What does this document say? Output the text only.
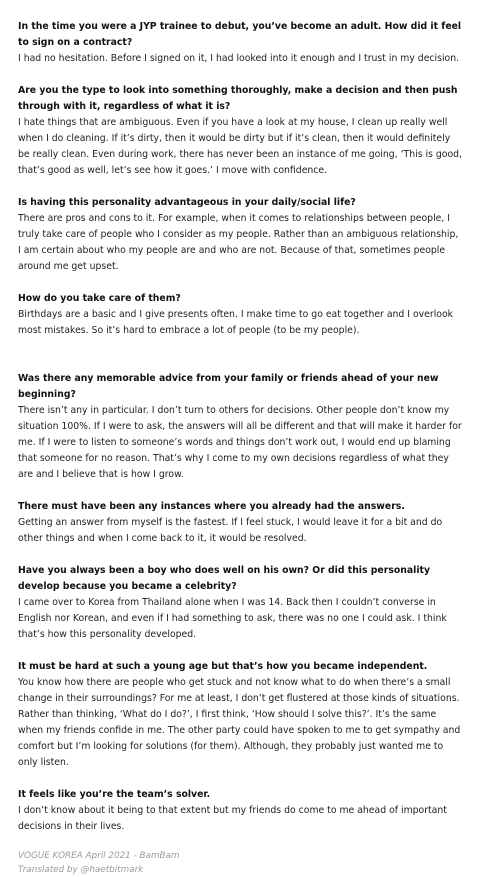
In the time you were a JYP trainee to debut, you’ve become an adult. How did it feel to sign on a contract?

I had no hesitation. Before I signed on it, I had looked into it enough and I trust in my decision.

Are you the type to look into something thoroughly, make a decision and then push through with it, regardless of what it is?

I hate things that are ambiguous. Even if you have a look at my house, I clean up really well when I do cleaning. If it’s dirty, then it would be dirty but if it’s clean, then it would definitely be really clean. Even during work, there has never been an instance of me going, ‘This is good, that’s good as well, let’s see how it goes.’ I move with confidence.

Is having this personality advantageous in your daily/social life?

There are pros and cons to it. For example, when it comes to relationships between people, I truly take care of people who I consider as my people. Rather than an ambiguous relationship, I am certain about who my people are and who are not. Because of that, sometimes people around me get upset.

How do you take care of them?

Birthdays are a basic and I give presents often. I make time to go eat together and I overlook most mistakes. So it’s hard to embrace a lot of people (to be my people).

Was there any memorable advice from your family or friends ahead of your new beginning?

There isn’t any in particular. I don’t turn to others for decisions. Other people don’t know my situation 100%. If I were to ask, the answers will all be different and that will make it harder for me. If I were to listen to someone’s words and things don’t work out, I would end up blaming that someone for no reason. That’s why I come to my own decisions regardless of what they are and I believe that is how I grow.

There must have been any instances where you already had the answers.

Getting an answer from myself is the fastest. If I feel stuck, I would leave it for a bit and do other things and when I come back to it, it would be resolved.

Have you always been a boy who does well on his own? Or did this personality develop because you became a celebrity?

I came over to Korea from Thailand alone when I was 14. Back then I couldn’t converse in English nor Korean, and even if I had something to ask, there was no one I could ask. I think that’s how this personality developed.

It must be hard at such a young age but that’s how you became independent.

You know how there are people who get stuck and not know what to do when there’s a small change in their surroundings? For me at least, I don’t get flustered at those kinds of situations. Rather than thinking, ‘What do I do?’, I first think, ‘How should I solve this?’. It’s the same when my friends confide in me. The other party could have spoken to me to get sympathy and comfort but I’m looking for solutions (for them). Although, they probably just wanted me to only listen.

It feels like you’re the team’s solver.

I don’t know about it being to that extent but my friends do come to me ahead of important decisions in their lives.

VOGUE KOREA April 2021 - BamBam
Translated by @haetbitmark
